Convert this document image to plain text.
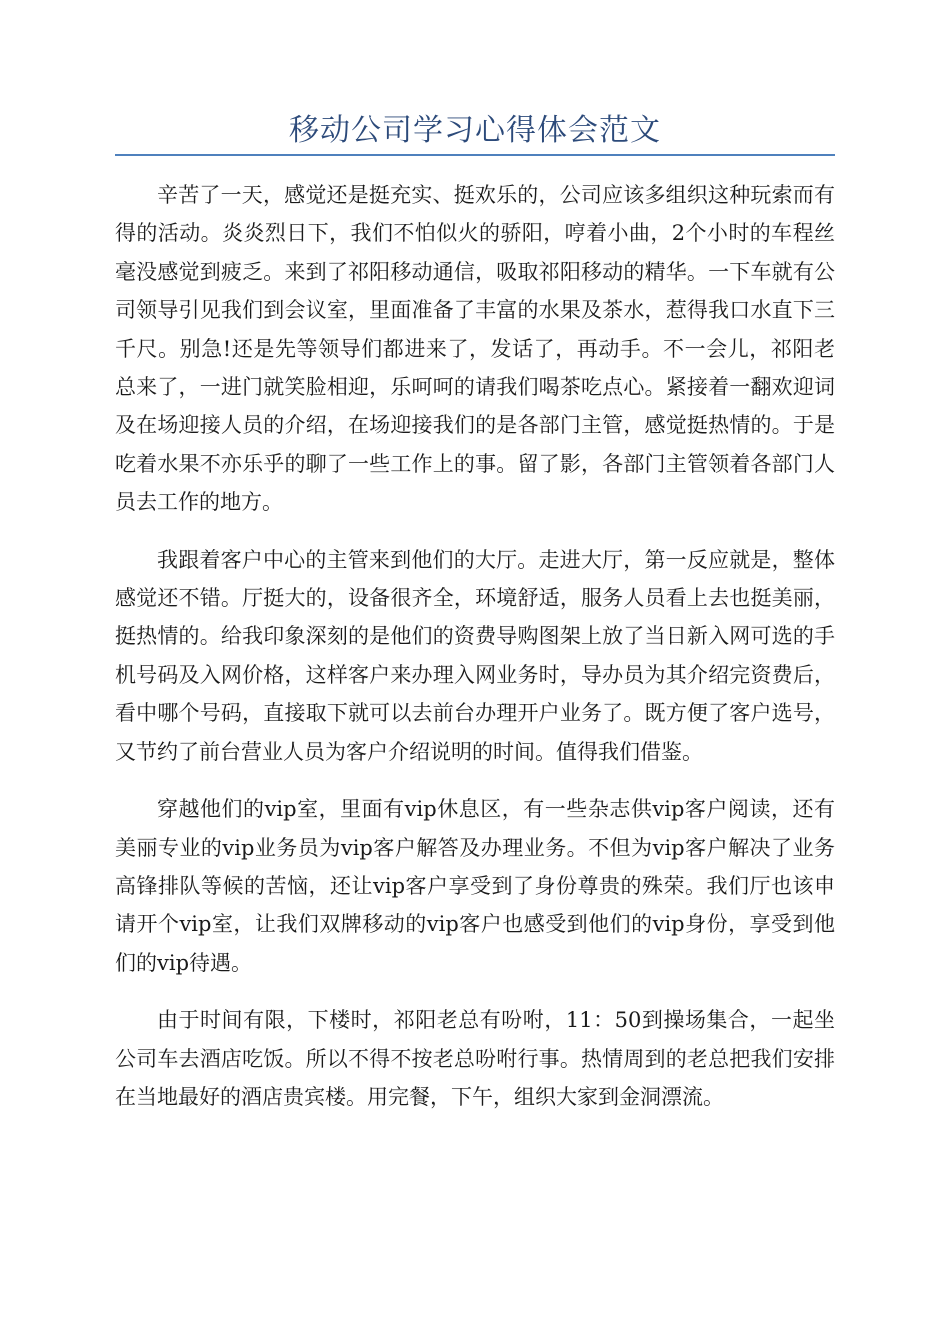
移动公司学习心得体会范文

辛苦了一天，感觉还是挺充实、挺欢乐的，公司应该多组织这种玩索而有得的活动。炎炎烈日下，我们不怕似火的骄阳，哼着小曲，2个小时的车程丝毫没感觉到疲乏。来到了祁阳移动通信，吸取祁阳移动的精华。一下车就有公司领导引见我们到会议室，里面准备了丰富的水果及茶水，惹得我口水直下三千尺。别急!还是先等领导们都进来了，发话了，再动手。不一会儿，祁阳老总来了，一进门就笑脸相迎，乐呵呵的请我们喝茶吃点心。紧接着一翻欢迎词及在场迎接人员的介绍，在场迎接我们的是各部门主管，感觉挺热情的。于是吃着水果不亦乐乎的聊了一些工作上的事。留了影，各部门主管领着各部门人员去工作的地方。

我跟着客户中心的主管来到他们的大厅。走进大厅，第一反应就是，整体感觉还不错。厅挺大的，设备很齐全，环境舒适，服务人员看上去也挺美丽，挺热情的。给我印象深刻的是他们的资费导购图架上放了当日新入网可选的手机号码及入网价格，这样客户来办理入网业务时，导办员为其介绍完资费后，看中哪个号码，直接取下就可以去前台办理开户业务了。既方便了客户选号，又节约了前台营业人员为客户介绍说明的时间。值得我们借鉴。

穿越他们的vip室，里面有vip休息区，有一些杂志供vip客户阅读，还有美丽专业的vip业务员为vip客户解答及办理业务。不但为vip客户解决了业务高锋排队等候的苦恼，还让vip客户享受到了身份尊贵的殊荣。我们厅也该申请开个vip室，让我们双牌移动的vip客户也感受到他们的vip身份，享受到他们的vip待遇。

由于时间有限，下楼时，祁阳老总有吩咐，11：50到操场集合，一起坐公司车去酒店吃饭。所以不得不按老总吩咐行事。热情周到的老总把我们安排在当地最好的酒店贵宾楼。用完餐，下午，组织大家到金洞漂流。
